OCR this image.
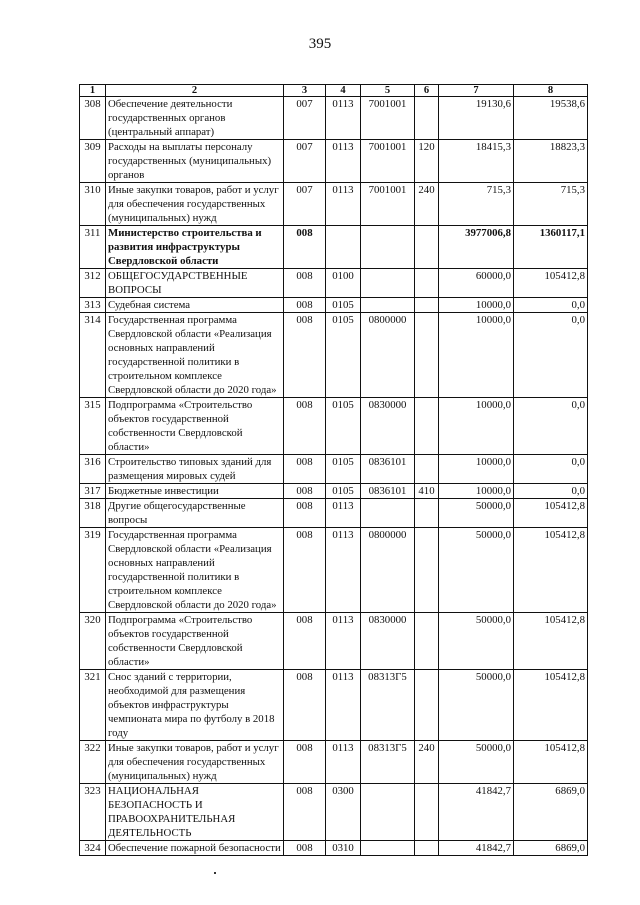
395
1	2	3	4	5	6	7	8
308	Обеспечение деятельности государственных органов (центральный аппарат)	007	0113	7001001		19130,6	19538,6
309	Расходы на выплаты персоналу государственных (муниципальных) органов	007	0113	7001001	120	18415,3	18823,3
310	Иные закупки товаров, работ и услуг для обеспечения государственных (муниципальных) нужд	007	0113	7001001	240	715,3	715,3
311	Министерство строительства и развития инфраструктуры Свердловской области	008				3977006,8	1360117,1
312	ОБЩЕГОСУДАРСТВЕННЫЕ ВОПРОСЫ	008	0100			60000,0	105412,8
313	Судебная система	008	0105			10000,0	0,0
314	Государственная программа Свердловской области «Реализация основных направлений государственной политики в строительном комплексе Свердловской области до 2020 года»	008	0105	0800000		10000,0	0,0
315	Подпрограмма «Строительство объектов государственной собственности Свердловской области»	008	0105	0830000		10000,0	0,0
316	Строительство типовых зданий для размещения мировых судей	008	0105	0836101		10000,0	0,0
317	Бюджетные инвестиции	008	0105	0836101	410	10000,0	0,0
318	Другие общегосударственные вопросы	008	0113			50000,0	105412,8
319	Государственная программа Свердловской области «Реализация основных направлений государственной политики в строительном комплексе Свердловской области до 2020 года»	008	0113	0800000		50000,0	105412,8
320	Подпрограмма «Строительство объектов государственной собственности Свердловской области»	008	0113	0830000		50000,0	105412,8
321	Снос зданий с территории, необходимой для размещения объектов инфраструктуры чемпионата мира по футболу в 2018 году	008	0113	08313Г5		50000,0	105412,8
322	Иные закупки товаров, работ и услуг для обеспечения государственных (муниципальных) нужд	008	0113	08313Г5	240	50000,0	105412,8
323	НАЦИОНАЛЬНАЯ БЕЗОПАСНОСТЬ И ПРАВООХРАНИТЕЛЬНАЯ ДЕЯТЕЛЬНОСТЬ	008	0300			41842,7	6869,0
324	Обеспечение пожарной безопасности	008	0310			41842,7	6869,0
